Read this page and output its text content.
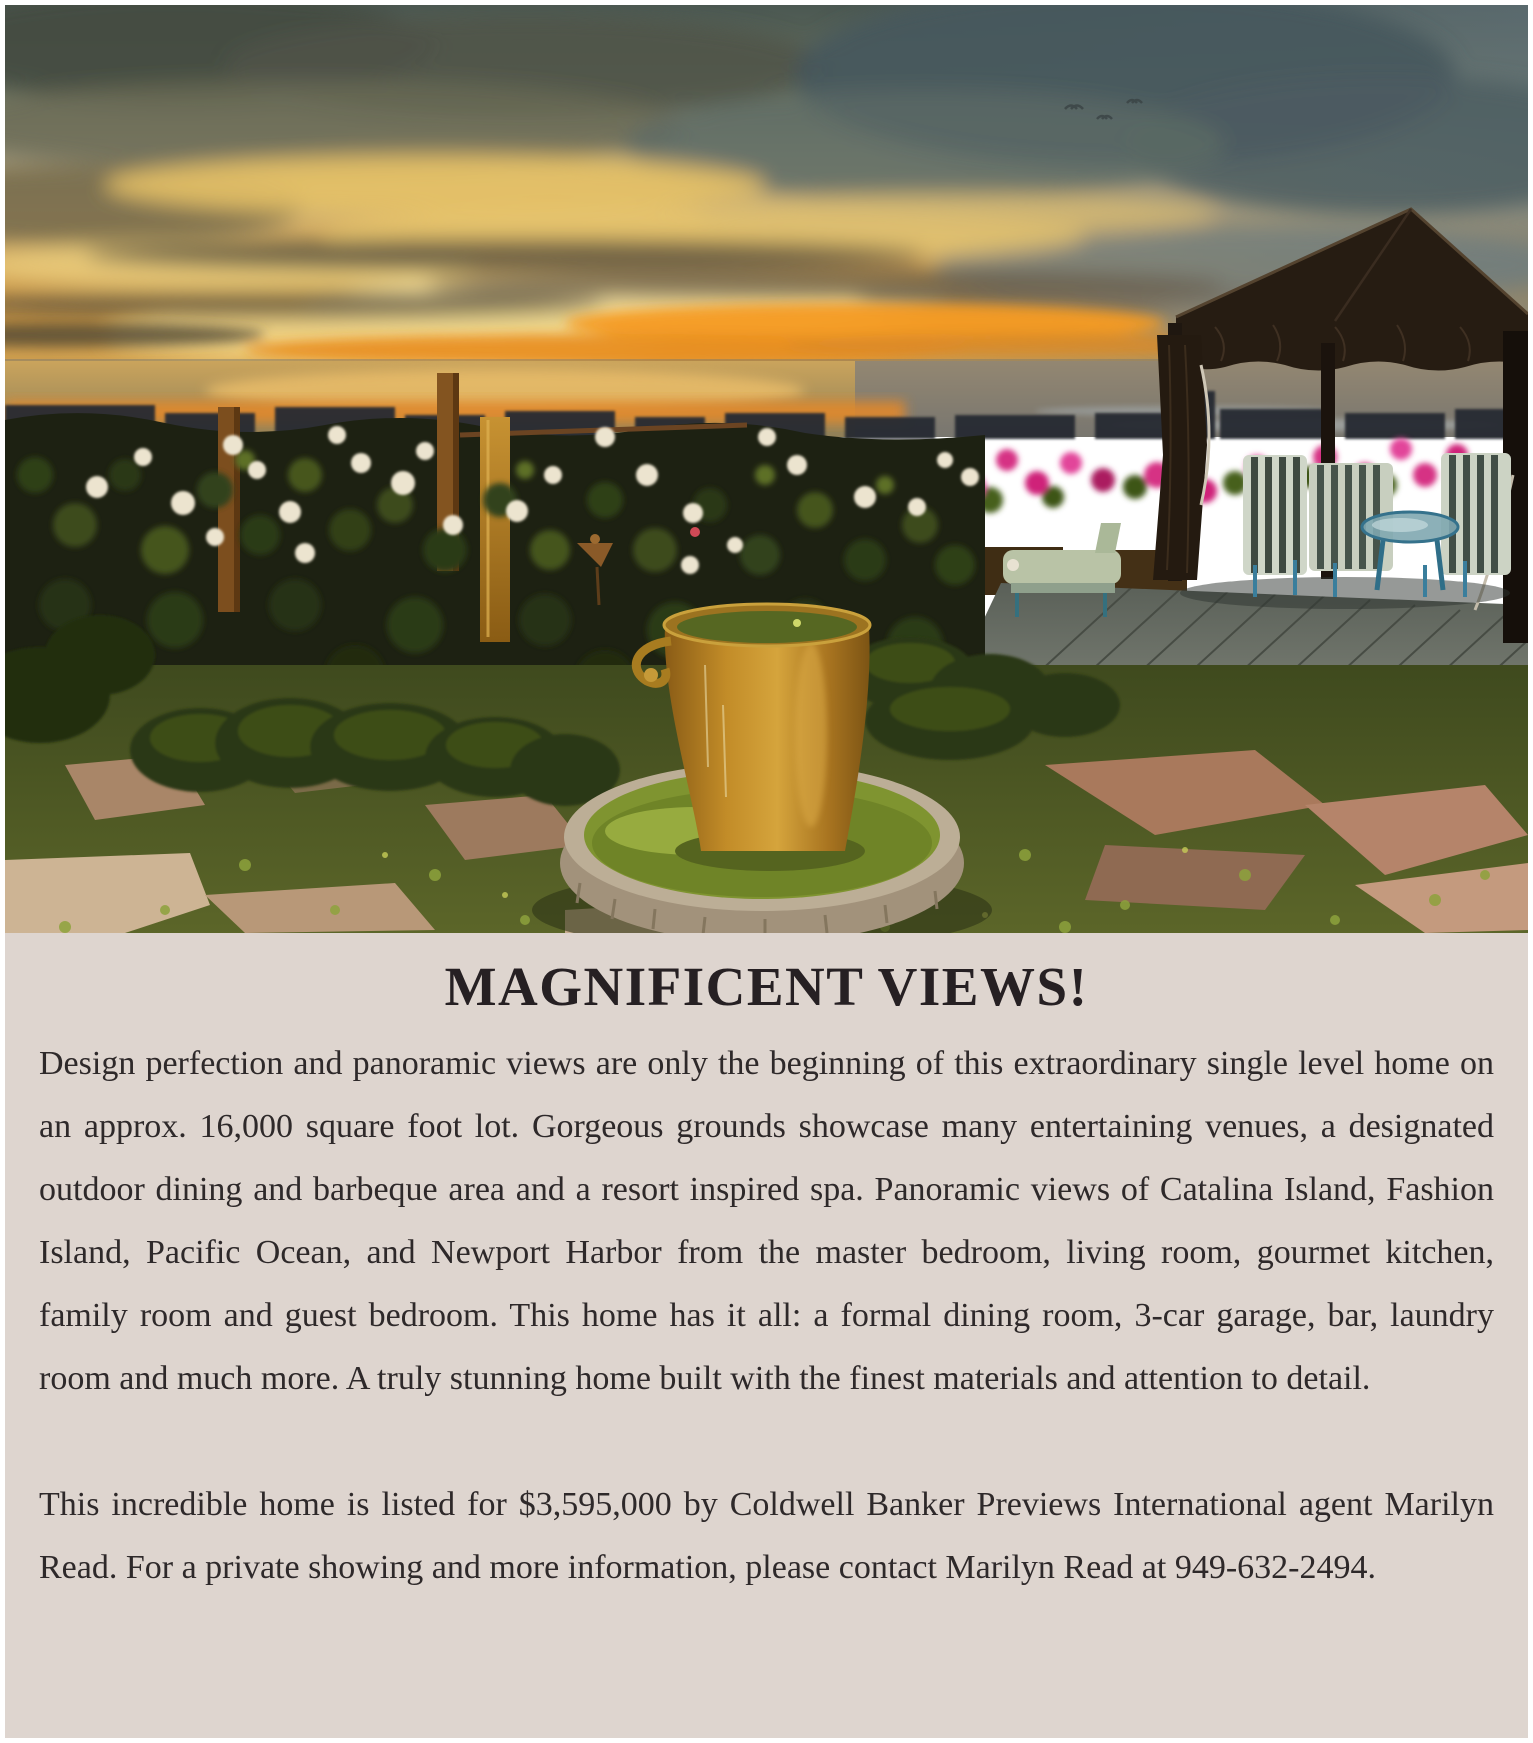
MAGNIFICENT VIEWS!

Design perfection and panoramic views are only the beginning of this extraordinary single level home on an approx. 16,000 square foot lot. Gorgeous grounds showcase many entertaining venues, a designated outdoor dining and barbeque area and a resort inspired spa. Panoramic views of Catalina Island, Fashion Island, Pacific Ocean, and Newport Harbor from the master bedroom, living room, gourmet kitchen, family room and guest bedroom. This home has it all: a formal dining room, 3-car garage, bar, laundry room and much more. A truly stunning home built with the finest materials and attention to detail.

This incredible home is listed for $3,595,000 by Coldwell Banker Previews International agent Marilyn Read. For a private showing and more information, please contact Marilyn Read at 949-632-2494.
